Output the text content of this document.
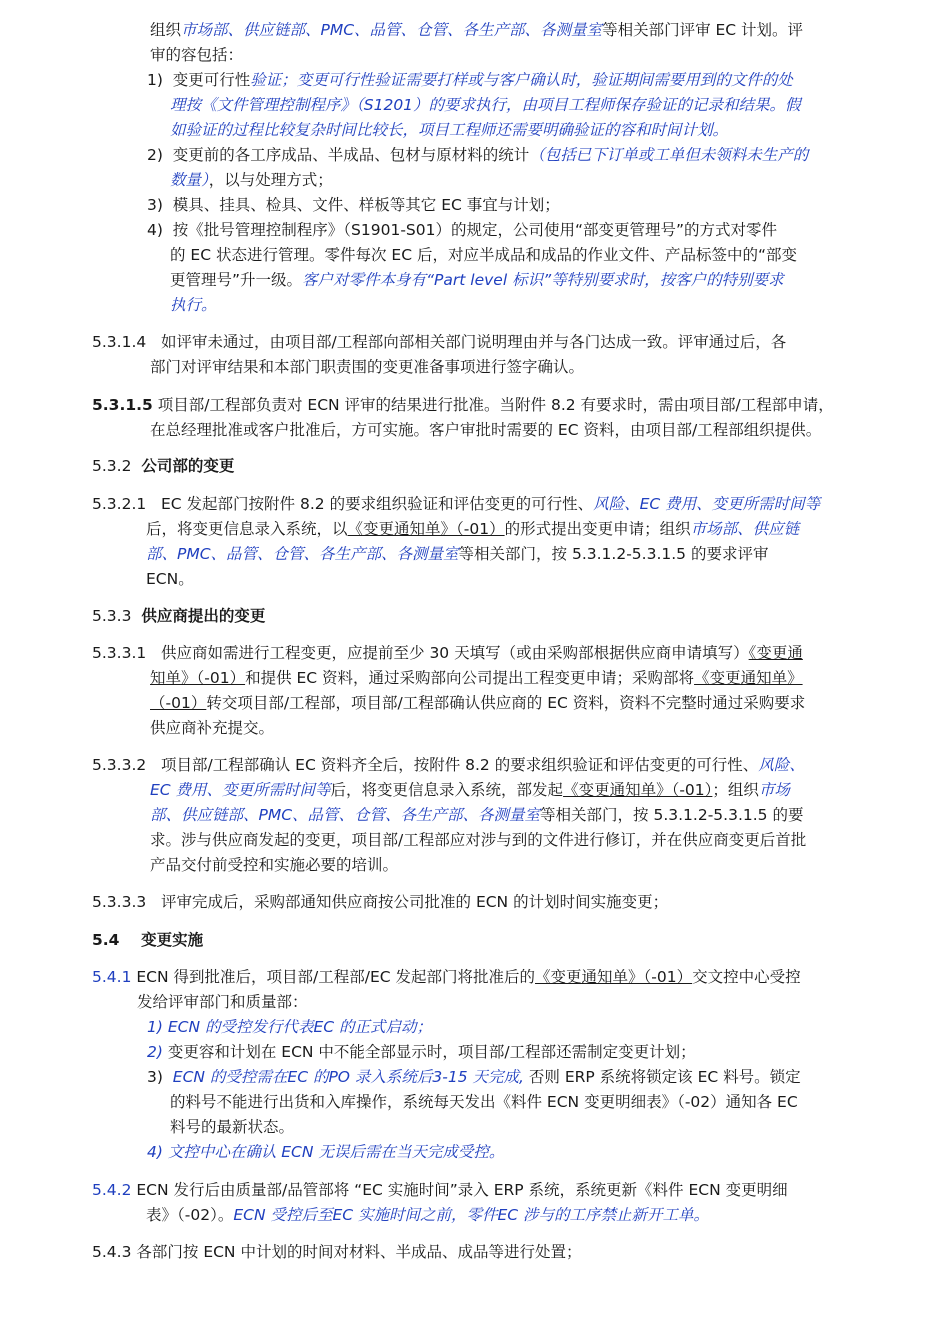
组织市场部、供应链部、PMC、品管、仓管、各生产部、各测量室等相关部门评审 EC 计划。评
审的容包括：
1) 变更可行性验证；变更可行性验证需要打样或与客户确认时，验证期间需要用到的文件的处
理按《文件管理控制程序》（S1201）的要求执行，由项目工程师保存验证的记录和结果。假
如验证的过程比较复杂时间比较长，项目工程师还需要明确验证的容和时间计划。
2) 变更前的各工序成品、半成品、包材与原材料的统计（包括已下订单或工单但未领料未生产的
数量），以与处理方式；
3) 模具、挂具、检具、文件、样板等其它 EC 事宜与计划；
4) 按《批号管理控制程序》（S1901-S01）的规定，公司使用“部变更管理号”的方式对零件
的 EC 状态进行管理。零件每次 EC 后，对应半成品和成品的作业文件、产品标签中的“部变
更管理号”升一级。客户对零件本身有“Part level 标识”等特别要求时，按客户的特别要求
执行。
5.3.1.4 如评审未通过，由项目部/工程部向部相关部门说明理由并与各门达成一致。评审通过后，各
部门对评审结果和本部门职责围的变更准备事项进行签字确认。
5.3.1.5 项目部/工程部负责对 ECN 评审的结果进行批准。当附件 8.2 有要求时，需由项目部/工程部申请，
在总经理批准或客户批准后，方可实施。客户审批时需要的 EC 资料，由项目部/工程部组织提供。
5.3.2 公司部的变更
5.3.2.1 EC 发起部门按附件 8.2 的要求组织验证和评估变更的可行性、风险、EC 费用、变更所需时间等
后，将变更信息录入系统，以《变更通知单》（-01）的形式提出变更申请；组织市场部、供应链
部、PMC、品管、仓管、各生产部、各测量室等相关部门，按 5.3.1.2-5.3.1.5 的要求评审
ECN。
5.3.3 供应商提出的变更
5.3.3.1 供应商如需进行工程变更，应提前至少 30 天填写（或由采购部根据供应商申请填写）《变更通
知单》（-01）和提供 EC 资料，通过采购部向公司提出工程变更申请；采购部将《变更通知单》
（-01）转交项目部/工程部，项目部/工程部确认供应商的 EC 资料，资料不完整时通过采购要求
供应商补充提交。
5.3.3.2 项目部/工程部确认 EC 资料齐全后，按附件 8.2 的要求组织验证和评估变更的可行性、风险、
EC 费用、变更所需时间等后，将变更信息录入系统，部发起《变更通知单》（-01）；组织市场
部、供应链部、PMC、品管、仓管、各生产部、各测量室等相关部门，按 5.3.1.2-5.3.1.5 的要
求。涉与供应商发起的变更，项目部/工程部应对涉与到的文件进行修订，并在供应商变更后首批
产品交付前受控和实施必要的培训。
5.3.3.3 评审完成后，采购部通知供应商按公司批准的 ECN 的计划时间实施变更；
5.4 变更实施
5.4.1 ECN 得到批准后，项目部/工程部/EC 发起部门将批准后的《变更通知单》（-01）交文控中心受控
发给评审部门和质量部：
1) ECN 的受控发行代表EC 的正式启动；
2) 变更容和计划在 ECN 中不能全部显示时，项目部/工程部还需制定变更计划；
3) ECN 的受控需在EC 的PO 录入系统后3-15 天完成, 否则 ERP 系统将锁定该 EC 料号。锁定
的料号不能进行出货和入库操作，系统每天发出《料件 ECN 变更明细表》（-02）通知各 EC
料号的最新状态。
4) 文控中心在确认 ECN 无误后需在当天完成受控。
5.4.2 ECN 发行后由质量部/品管部将 “EC 实施时间”录入 ERP 系统，系统更新《料件 ECN 变更明细
表》（-02）。ECN 受控后至EC 实施时间之前，零件EC 涉与的工序禁止新开工单。
5.4.3 各部门按 ECN 中计划的时间对材料、半成品、成品等进行处置；
